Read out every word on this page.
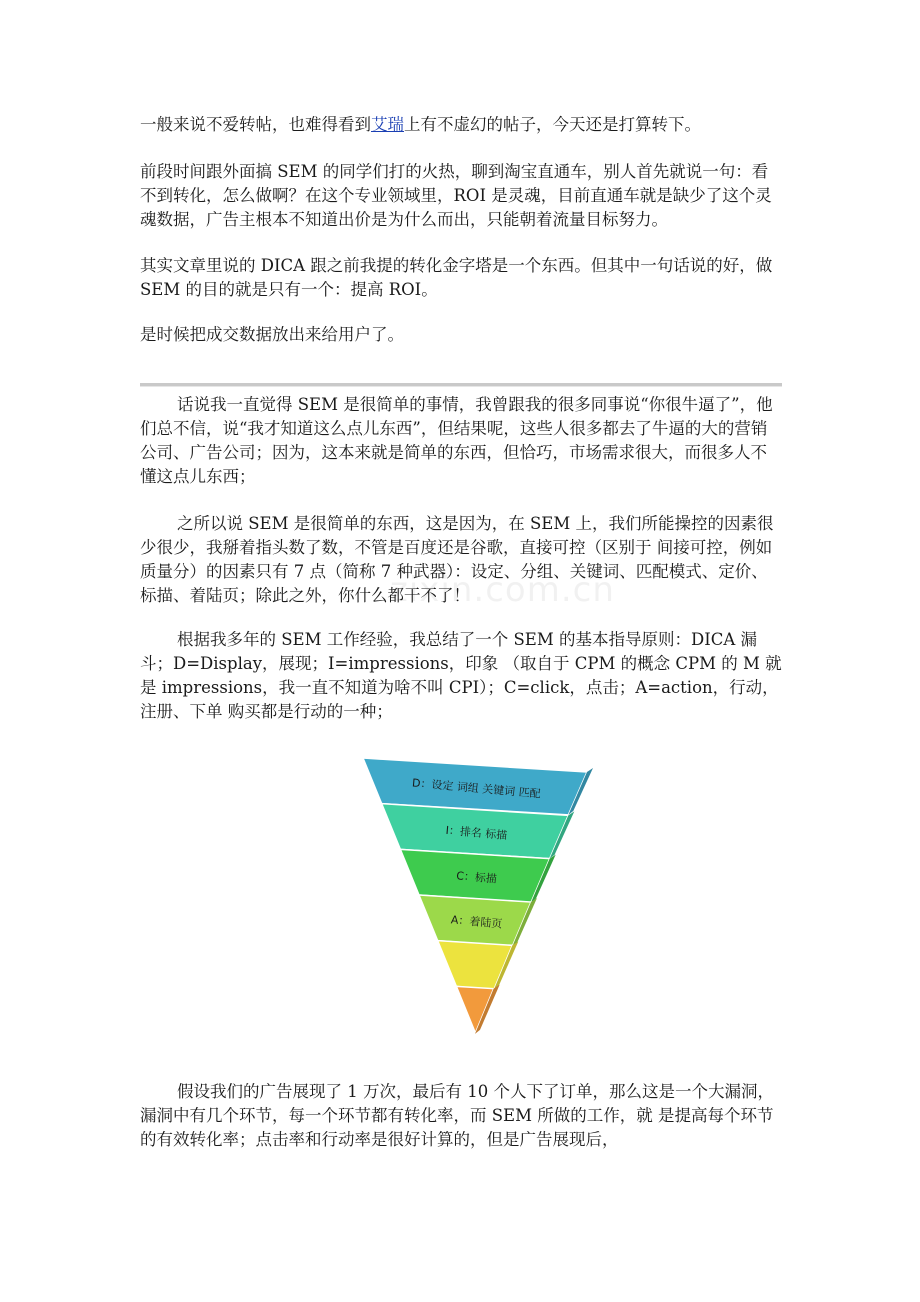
一般来说不爱转帖，也难得看到艾瑞上有不虚幻的帖子，今天还是打算转下。

前段时间跟外面搞 SEM 的同学们打的火热，聊到淘宝直通车，别人首先就说一句：看不到转化，怎么做啊？在这个专业领域里，ROI 是灵魂，目前直通车就是缺少了这个灵魂数据，广告主根本不知道出价是为什么而出，只能朝着流量目标努力。

其实文章里说的 DICA 跟之前我提的转化金字塔是一个东西。但其中一句话说的好，做 SEM 的目的就是只有一个：提高 ROI。

是时候把成交数据放出来给用户了。

话说我一直觉得 SEM 是很简单的事情，我曾跟我的很多同事说“你很牛逼了”，他们总不信，说“我才知道这么点儿东西”，但结果呢，这些人很多都去了牛逼的大的营销公司、广告公司；因为，这本来就是简单的东西，但恰巧，市场需求很大，而很多人不懂这点儿东西；

之所以说 SEM 是很简单的东西，这是因为，在 SEM 上，我们所能操控的因素很少很少，我掰着指头数了数，不管是百度还是谷歌，直接可控（区别于 间接可控，例如质量分）的因素只有 7 点（简称 7 种武器）：设定、分组、关键词、匹配模式、定价、标描、着陆页；除此之外，你什么都干不了！

zixin.com.cn

根据我多年的 SEM 工作经验，我总结了一个 SEM 的基本指导原则：DICA 漏斗；D=Display，展现；I=impressions，印象 （取自于 CPM 的概念 CPM 的 M 就是 impressions，我一直不知道为啥不叫 CPI）；C=click，点击；A=action，行动，注册、下单 购买都是行动的一种；

D：设定 词组 关键词 匹配
I：排名 标描
C：标描
A：着陆页

假设我们的广告展现了 1 万次，最后有 10 个人下了订单，那么这是一个大漏洞，漏洞中有几个环节，每一个环节都有转化率，而 SEM 所做的工作，就 是提高每个环节的有效转化率；点击率和行动率是很好计算的，但是广告展现后，
